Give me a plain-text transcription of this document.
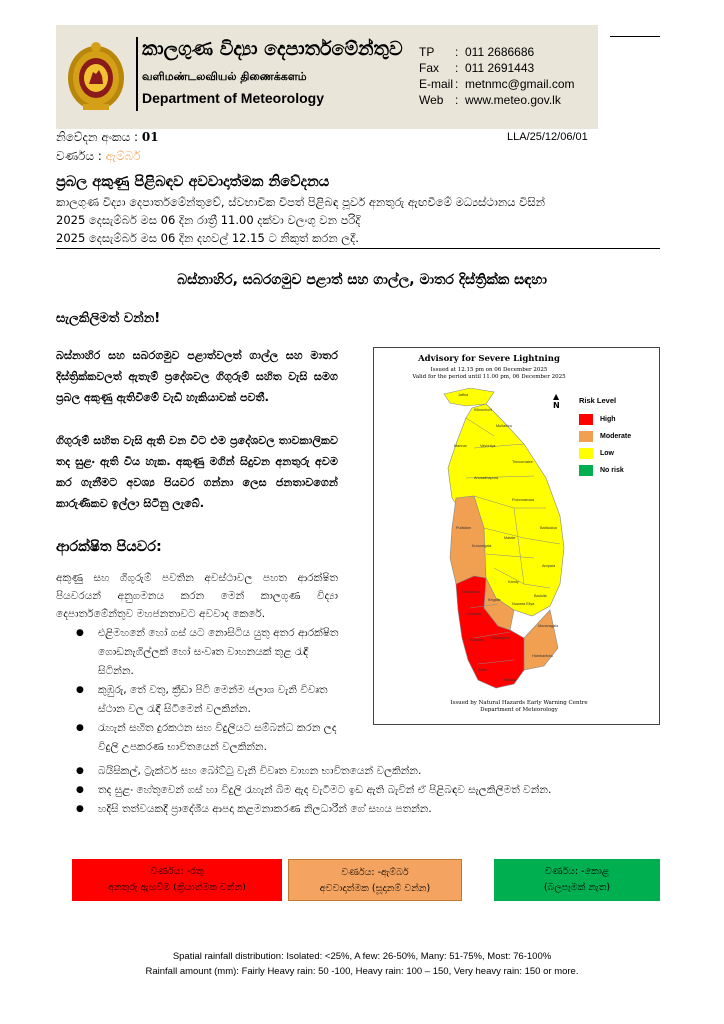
කාලගුණ විද්‍යා දෙපාර්තමේන්තුව
வளிமண்டலவியல் திணைக்களம்
Department of Meteorology
TP	: 011 2686686
Fax	: 011 2691443
E-mail : metnmc@gmail.com
Web : www.meteo.gov.lk
නිවේදන අංකය : 01
වර්ණය : ඇම්බර්
LLA/25/12/06/01
ප්‍රබල අකුණු පිළිබඳව අවවාදාත්මක නිවේදනය
කාලගුණ විද්‍යා දෙපාර්තමේන්තුවේ, ස්වභාවික විපත් පිළිබඳ පූර්ව අනතුරු ඇඟවීමේ මධ්‍යස්ථානය විසින්
2025 දෙසැම්බර් මස 06 දින රාත්‍රී 11.00 දක්වා වලංගු වන පරිදි
2025 දෙසැම්බර් මස 06 දින දහවල් 12.15 ට නිකුත් කරන ලදී.
බස්නාහිර, සබරගමුව පළාත් සහ ගාල්ල, මාතර දිස්ත්‍රික්ක සඳහා
සැලකිලිමත් වන්න!
බස්නාහිර සහ සබරගමුව පළාත්වලත් ගාල්ල සහ මාතර දිස්ත්‍රික්කවලත් ඇතැම් ප්‍රදේශවල ගිගුරුම් සහිත වැසි සමග ප්‍රබල අකුණු ඇතිවීමේ වැඩි හැකියාවක් පවතී.
ගිගුරුම් සහිත වැසි ඇති වන විට එම ප්‍රදේශවල තාවකාලිකව තද සුළං ඇති විය හැක. අකුණු මගින් සිදුවන අනතුරු අවම කර ගැනීමට අවශ්‍ය පියවර ගන්නා ලෙස ජනතාවගෙන් කාරුණිකව ඉල්ලා සිටිනු ලැබේ.
ආරක්ෂිත පියවර:
අකුණු සහ ගිගුරුම් පවතින අවස්ථාවල පහත ආරක්ෂිත පියවරයන් අනුගමනය කරන මෙන් කාලගුණ විද්‍යා දෙපාර්තමේන්තුව මහජනතාවට අවවාද කෙරේ.
● එළිමහනේ හෝ ගස් යට නොසිටිය යුතු අතර ආරක්ෂිත ගොඩනැගිල්ලක් හෝ සංවෘත වාහනයක් තුළ රැඳී සිටින්න.
● කුඹුරු, තේ වතු, ක්‍රීඩා පිටි මෙන්ම ජලාශ වැනි විවෘත ස්ථාන වල රැඳී සිටීමෙන් වලකින්න.
● රැහැන් සහිත දුරකථන සහ විදුලියට සම්බන්ධ කරන ලද විදුලි උපකරණ භාවිතයෙන් වලකින්න.
● බයිසිකල්, ට්‍රැක්ටර් සහ බෝට්ටු වැනි විවෘත වාහන භාවිතයෙන් වලකින්න.
● තද සුළං හේතුවෙන් ගස් හා විදුලි රැහැන් බිම ඇද වැටීමට ඉඩ ඇති බැවින් ඒ පිළිබඳව සැලකිලිමත් වන්න.
● හදිසි තත්වයකදී ප්‍රාදේශීය ආපදා කළමනාකරණ නිලධාරීන් ගේ සහය පතන්න.
Advisory for Severe Lightning
Issued at 12.15 pm on 06 December 2025
Valid for the period until 11.00 pm, 06 December 2025
Jaffna
Kilinochchi
Mullaitivu
Mannar	Vavuniya
Trincomalee
Anuradhapura
Puttalam
Polonnaruwa
Batticaloa
Kurunegala
Matale
Ampara
Kandy
Gampaha
Kegalle
Nuwara Eliya
Badulla
Colombo
Ratnapura
Monaragala
Kalutara
Galle
Matara
Hambantota
▲
N
Risk Level
High
Moderate
Low
No risk
Issued by Natural Hazards Early Warning Centre
Department of Meteorology
වර්ණය: -රතු
අනතුරු ඇඟවීම (ක්‍රියාත්මක වන්න)
වර්ණය: -ඇම්බර්
අවවාදාත්මක (සූදානම් වන්න)
වර්ණය: -කොළ
(බලපෑමක් නැත)
Spatial rainfall distribution: Isolated: <25%, A few: 26-50%, Many: 51-75%, Most: 76-100%
Rainfall amount (mm): Fairly Heavy rain: 50 -100, Heavy rain: 100 – 150, Very heavy rain: 150 or more.
